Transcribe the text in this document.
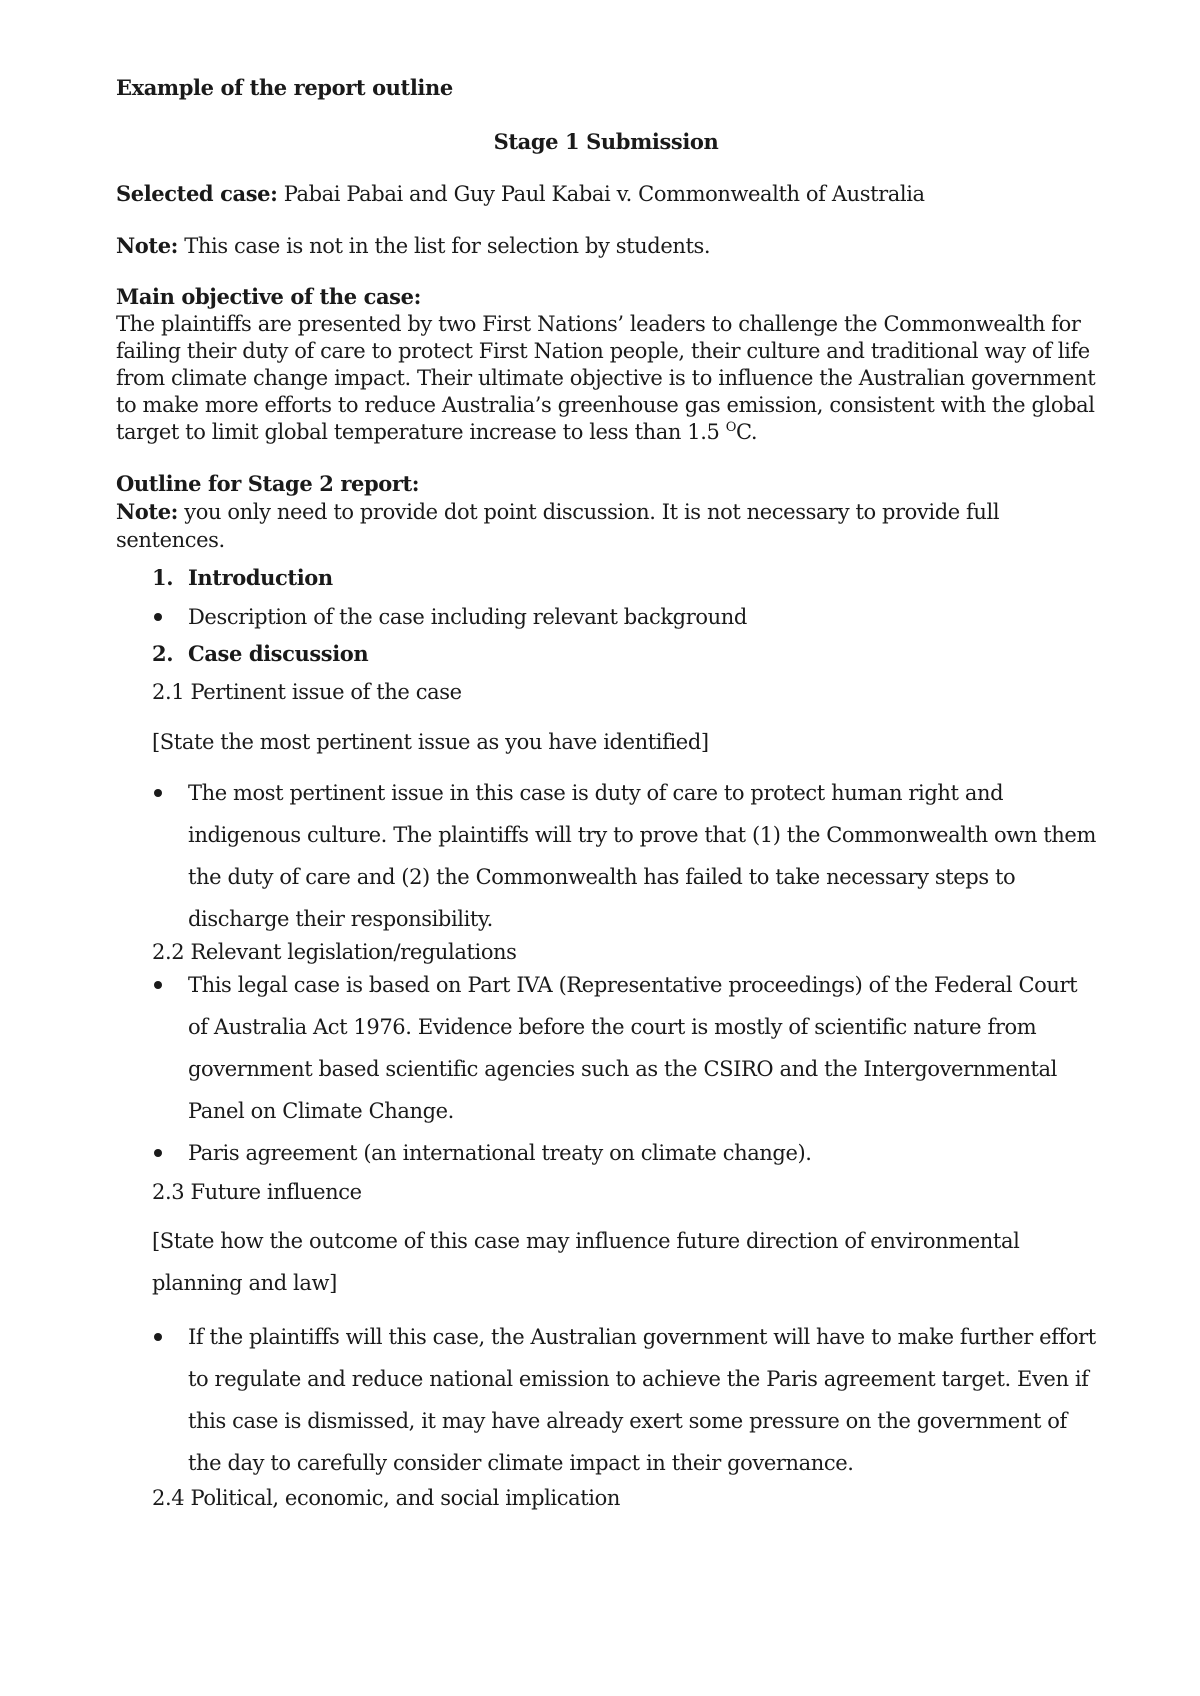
Example of the report outline

Stage 1 Submission

Selected case: Pabai Pabai and Guy Paul Kabai v. Commonwealth of Australia

Note: This case is not in the list for selection by students.

Main objective of the case:

The plaintiffs are presented by two First Nations’ leaders to challenge the Commonwealth for failing their duty of care to protect First Nation people, their culture and traditional way of life from climate change impact. Their ultimate objective is to influence the Australian government to make more efforts to reduce Australia’s greenhouse gas emission, consistent with the global target to limit global temperature increase to less than 1.5 $^O$C.

Outline for Stage 2 report:

Note: you only need to provide dot point discussion. It is not necessary to provide full sentences.

1. Introduction
Description of the case including relevant background
2. Case discussion
2.1 Pertinent issue of the case
[State the most pertinent issue as you have identified]
The most pertinent issue in this case is duty of care to protect human right and indigenous culture. The plaintiffs will try to prove that (1) the Commonwealth own them the duty of care and (2) the Commonwealth has failed to take necessary steps to discharge their responsibility.
2.2 Relevant legislation/regulations
This legal case is based on Part IVA (Representative proceedings) of the Federal Court of Australia Act 1976. Evidence before the court is mostly of scientific nature from government based scientific agencies such as the CSIRO and the Intergovernmental Panel on Climate Change.
Paris agreement (an international treaty on climate change).
2.3 Future influence
[State how the outcome of this case may influence future direction of environmental planning and law]
If the plaintiffs will this case, the Australian government will have to make further effort to regulate and reduce national emission to achieve the Paris agreement target. Even if this case is dismissed, it may have already exert some pressure on the government of the day to carefully consider climate impact in their governance.
2.4 Political, economic, and social implication
